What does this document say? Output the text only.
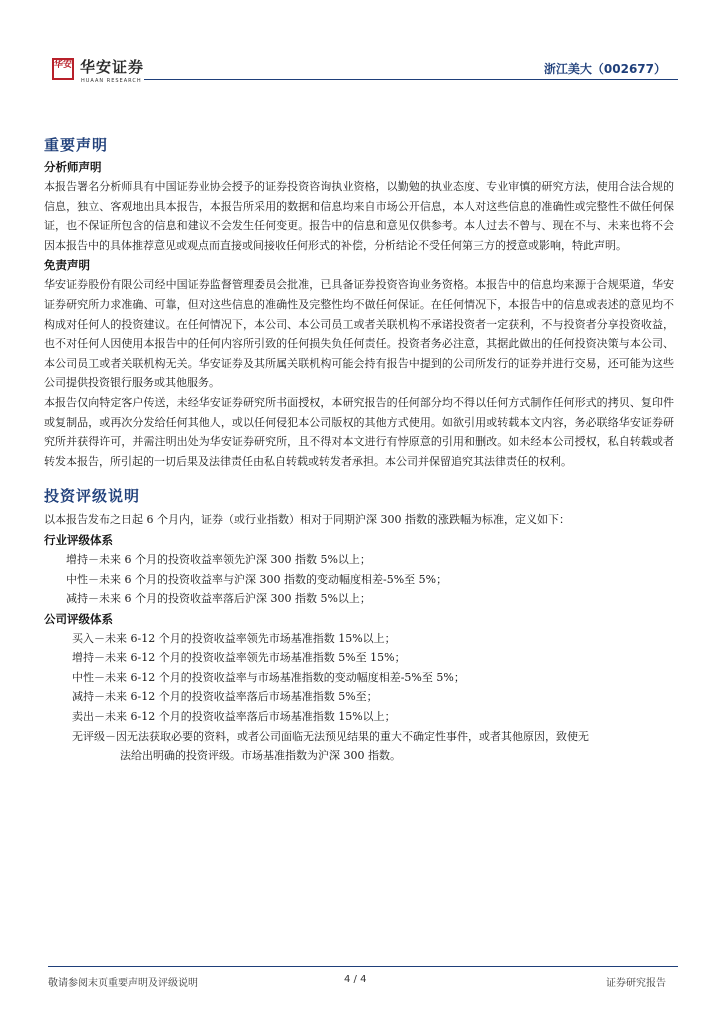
华安 华安证券
HUAAN RESEARCH
浙江美大（002677）
重要声明
分析师声明

本报告署名分析师具有中国证券业协会授予的证券投资咨询执业资格，以勤勉的执业态度、专业审慎的研究方法，使用合法合规的信息，独立、客观地出具本报告，本报告所采用的数据和信息均来自市场公开信息，本人对这些信息的准确性或完整性不做任何保证，也不保证所包含的信息和建议不会发生任何变更。报告中的信息和意见仅供参考。本人过去不曾与、现在不与、未来也将不会因本报告中的具体推荐意见或观点而直接或间接收任何形式的补偿，分析结论不受任何第三方的授意或影响，特此声明。

免责声明

华安证券股份有限公司经中国证券监督管理委员会批准，已具备证券投资咨询业务资格。本报告中的信息均来源于合规渠道，华安证券研究所力求准确、可靠，但对这些信息的准确性及完整性均不做任何保证。在任何情况下，本报告中的信息或表述的意见均不构成对任何人的投资建议。在任何情况下，本公司、本公司员工或者关联机构不承诺投资者一定获利，不与投资者分享投资收益，也不对任何人因使用本报告中的任何内容所引致的任何损失负任何责任。投资者务必注意，其据此做出的任何投资决策与本公司、本公司员工或者关联机构无关。华安证券及其所属关联机构可能会持有报告中提到的公司所发行的证券并进行交易，还可能为这些公司提供投资银行服务或其他服务。

本报告仅向特定客户传送，未经华安证券研究所书面授权，本研究报告的任何部分均不得以任何方式制作任何形式的拷贝、复印件或复制品，或再次分发给任何其他人，或以任何侵犯本公司版权的其他方式使用。如欲引用或转载本文内容，务必联络华安证券研究所并获得许可，并需注明出处为华安证券研究所，且不得对本文进行有悖原意的引用和删改。如未经本公司授权，私自转载或者转发本报告，所引起的一切后果及法律责任由私自转载或转发者承担。本公司并保留追究其法律责任的权利。

投资评级说明

以本报告发布之日起 6 个月内，证券（或行业指数）相对于同期沪深 300 指数的涨跌幅为标准，定义如下：

行业评级体系

增持－未来 6 个月的投资收益率领先沪深 300 指数 5%以上；

中性－未来 6 个月的投资收益率与沪深 300 指数的变动幅度相差-5%至 5%；

减持－未来 6 个月的投资收益率落后沪深 300 指数 5%以上；

公司评级体系

买入－未来 6-12 个月的投资收益率领先市场基准指数 15%以上；

增持－未来 6-12 个月的投资收益率领先市场基准指数 5%至 15%；

中性－未来 6-12 个月的投资收益率与市场基准指数的变动幅度相差-5%至 5%；

减持－未来 6-12 个月的投资收益率落后市场基准指数 5%至；

卖出－未来 6-12 个月的投资收益率落后市场基准指数 15%以上；

无评级－因无法获取必要的资料，或者公司面临无法预见结果的重大不确定性事件，或者其他原因，致使无
法给出明确的投资评级。市场基准指数为沪深 300 指数。

敬请参阅末页重要声明及评级说明	4 / 4	证券研究报告
